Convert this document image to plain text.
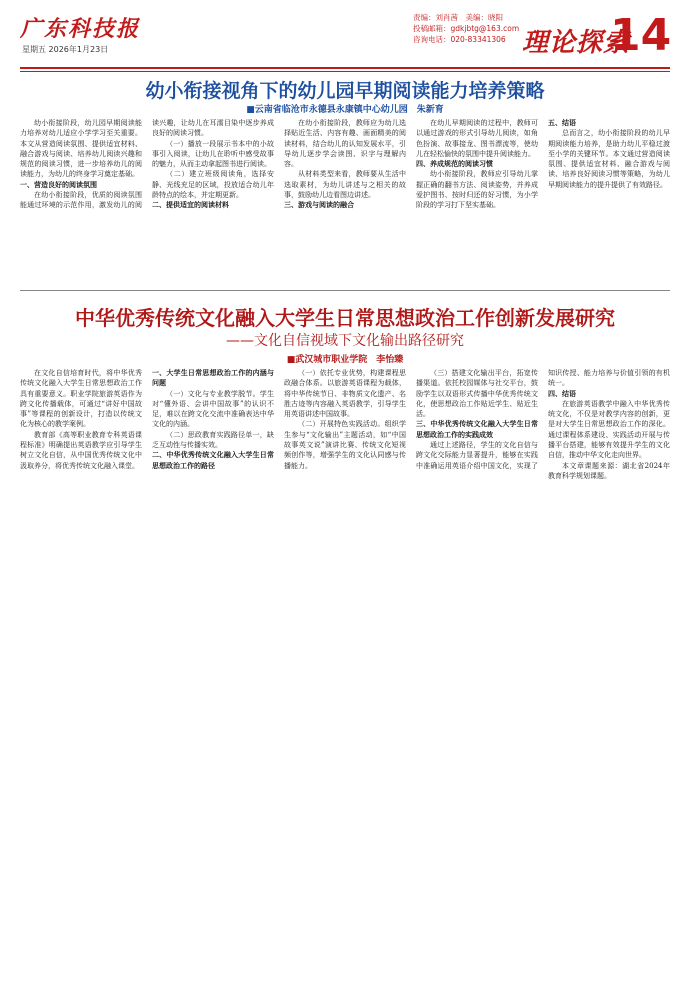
广东科技报
星期五 2026年1月23日
责编：刘肖茜　美编：晓阳
投稿邮箱：gdkjbtg@163.com
咨询电话：020-83341306 理论探索
14
幼小衔接视角下的幼儿园早期阅读能力培养策略
■云南省临沧市永德县永康镇中心幼儿园　朱新育

幼小衔接阶段，幼儿园早期阅读能力培养对幼儿适应小学学习至关重要。本文从营造阅读氛围、提供适宜材料、融合游戏与阅读、培养幼儿阅读兴趣和规范的阅读习惯，进一步培养幼儿的阅读能力，为幼儿的终身学习奠定基础。

一、营造良好的阅读氛围

在幼小衔接阶段，优质的阅读氛围能通过环境的示范作用，激发幼儿的阅读兴趣，让幼儿在耳濡目染中逐步养成良好的阅读习惯。

（一）播放一段展示书本中的小故事引入阅读，让幼儿在聆听中感受故事的魅力，从而主动拿起图书进行阅读。

（二）建立班级阅读角，选择安静、光线充足的区域，投放适合幼儿年龄特点的绘本，并定期更新。

二、提供适宜的阅读材料

在幼小衔接阶段，教师应为幼儿选择贴近生活、内容有趣、画面精美的阅读材料，结合幼儿的认知发展水平，引导幼儿逐步学会读图、识字与理解内容。

从材料类型来看，教师要从生活中选取素材，为幼儿讲述与之相关的故事，鼓励幼儿边看图边讲述。

三、游戏与阅读的融合

在幼儿早期阅读的过程中，教师可以通过游戏的形式引导幼儿阅读，如角色扮演、故事接龙、图书漂流等，使幼儿在轻松愉快的氛围中提升阅读能力。

四、养成规范的阅读习惯

幼小衔接阶段，教师应引导幼儿掌握正确的翻书方法、阅读姿势，并养成爱护图书、按时归还的好习惯，为小学阶段的学习打下坚实基础。

五、结语

总而言之，幼小衔接阶段的幼儿早期阅读能力培养，是助力幼儿平稳过渡至小学的关键环节。本文通过营造阅读氛围、提供适宜材料、融合游戏与阅读、培养良好阅读习惯等策略，为幼儿早期阅读能力的提升提供了有效路径。

中华优秀传统文化融入大学生日常思想政治工作创新发展研究
——文化自信视域下文化输出路径研究
■武汉城市职业学院　李怡臻

在文化自信培育时代，将中华优秀传统文化融入大学生日常思想政治工作具有重要意义。职业学院旅游英语作为跨文化传播载体，可通过“讲好中国故事”等课程的创新设计，打造以传统文化为核心的教学案例。

教育部《高等职业教育专科英语课程标准》明确提出英语教学应引导学生树立文化自信，从中国优秀传统文化中汲取养分，将优秀传统文化融入课堂。

一、大学生日常思想政治工作的内涵与问题

（一）文化与专业教学脱节。学生对“懂外语、会讲中国故事”的认识不足，难以在跨文化交流中准确表达中华文化的内涵。

（二）思政教育实践路径单一，缺乏互动性与传播实效。

二、中华优秀传统文化融入大学生日常思想政治工作的路径

（一）依托专业优势，构建课程思政融合体系。以旅游英语课程为载体，将中华传统节日、非物质文化遗产、名胜古迹等内容融入英语教学，引导学生用英语讲述中国故事。

（二）开展特色实践活动。组织学生参与“文化输出”主题活动，如“中国故事英文说”演讲比赛、传统文化短视频创作等，增强学生的文化认同感与传播能力。

（三）搭建文化输出平台，拓宽传播渠道。依托校园媒体与社交平台，鼓励学生以双语形式传播中华优秀传统文化，使思想政治工作贴近学生、贴近生活。

三、中华优秀传统文化融入大学生日常思想政治工作的实践成效

通过上述路径，学生的文化自信与跨文化交际能力显著提升，能够在实践中准确运用英语介绍中国文化，实现了知识传授、能力培养与价值引领的有机统一。

四、结语

在旅游英语教学中融入中华优秀传统文化，不仅是对教学内容的创新，更是对大学生日常思想政治工作的深化。通过课程体系建设、实践活动开展与传播平台搭建，能够有效提升学生的文化自信，推动中华文化走向世界。

本文章课题来源：湖北省2024年教育科学规划课题。
